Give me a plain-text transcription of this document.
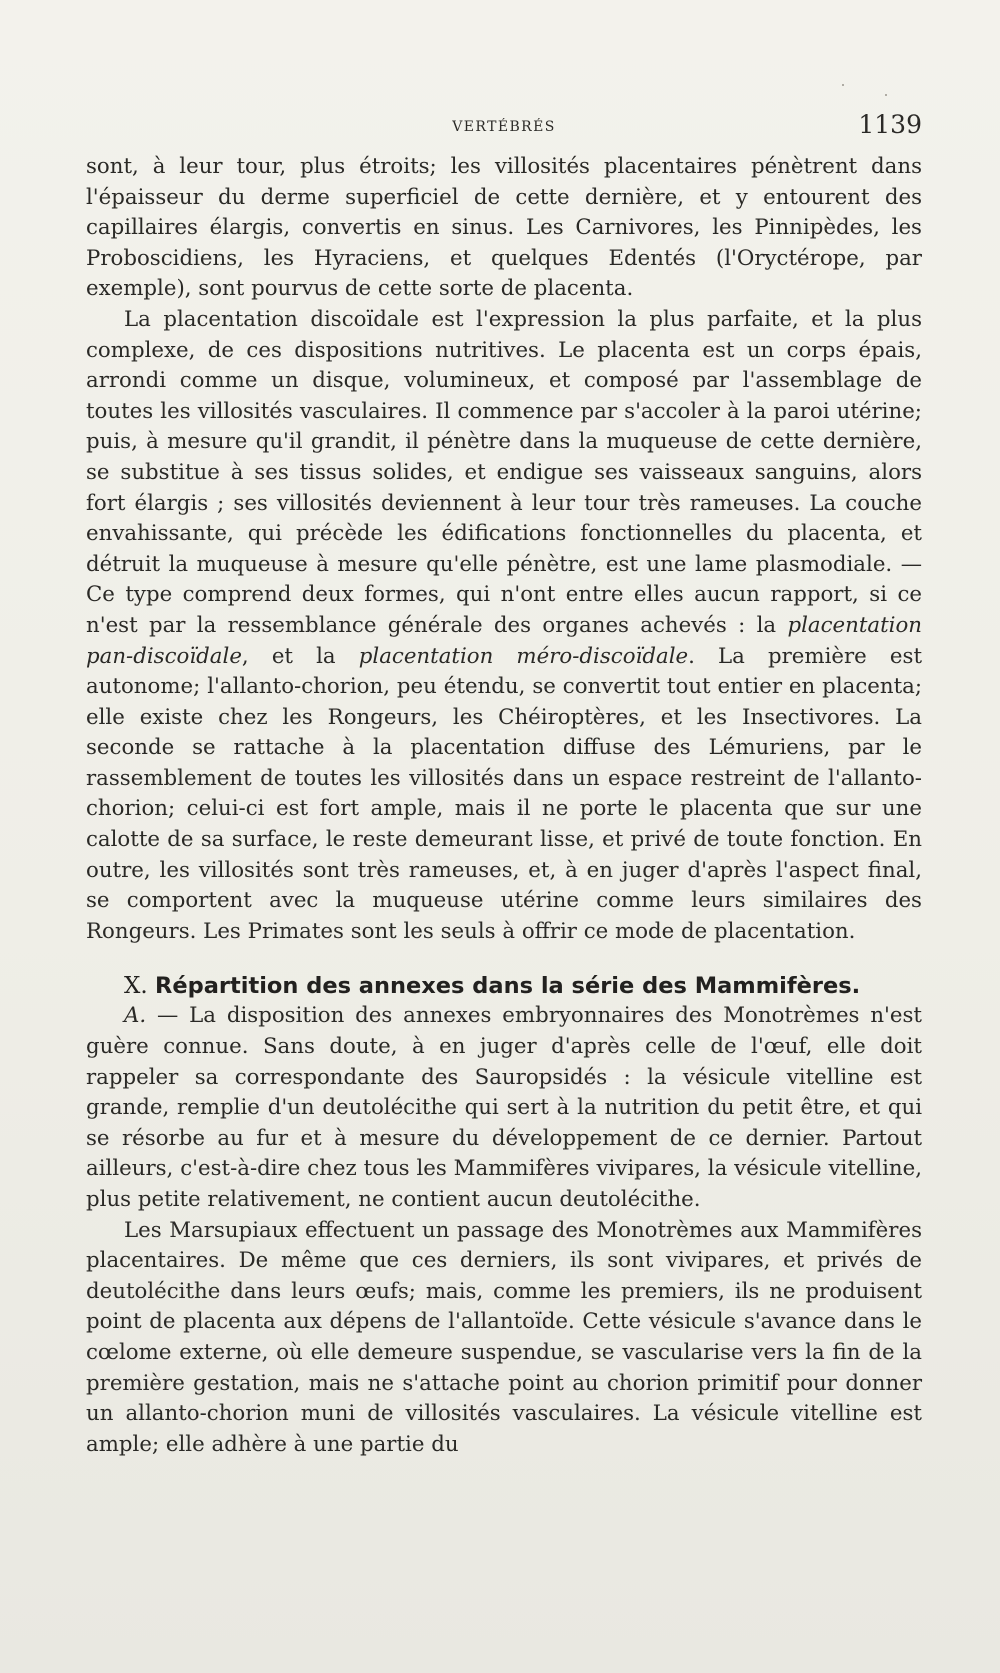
VERTÉBRÉS	1139

sont, à leur tour, plus étroits; les villosités placentaires pénètrent dans l'épaisseur du derme superficiel de cette dernière, et y entourent des capillaires élargis, convertis en sinus. Les Carnivores, les Pinnipèdes, les Proboscidiens, les Hyraciens, et quelques Edentés (l'Oryctérope, par exemple), sont pourvus de cette sorte de placenta.

La placentation discoïdale est l'expression la plus parfaite, et la plus complexe, de ces dispositions nutritives. Le placenta est un corps épais, arrondi comme un disque, volumineux, et composé par l'assemblage de toutes les villosités vasculaires. Il commence par s'accoler à la paroi utérine; puis, à mesure qu'il grandit, il pénètre dans la muqueuse de cette dernière, se substitue à ses tissus solides, et endigue ses vaisseaux sanguins, alors fort élargis ; ses villosités deviennent à leur tour très rameuses. La couche envahissante, qui précède les édifications fonctionnelles du placenta, et détruit la muqueuse à mesure qu'elle pénètre, est une lame plasmodiale. — Ce type comprend deux formes, qui n'ont entre elles aucun rapport, si ce n'est par la ressemblance générale des organes achevés : la placentation pan-discoïdale, et la placentation méro-discoïdale. La première est autonome; l'allanto-chorion, peu étendu, se convertit tout entier en placenta; elle existe chez les Rongeurs, les Chéiroptères, et les Insectivores. La seconde se rattache à la placentation diffuse des Lémuriens, par le rassemblement de toutes les villosités dans un espace restreint de l'allanto-chorion; celui-ci est fort ample, mais il ne porte le placenta que sur une calotte de sa surface, le reste demeurant lisse, et privé de toute fonction. En outre, les villosités sont très rameuses, et, à en juger d'après l'aspect final, se comportent avec la muqueuse utérine comme leurs similaires des Rongeurs. Les Primates sont les seuls à offrir ce mode de placentation.

X. Répartition des annexes dans la série des Mammifères.

A. — La disposition des annexes embryonnaires des Monotrèmes n'est guère connue. Sans doute, à en juger d'après celle de l'œuf, elle doit rappeler sa correspondante des Sauropsidés : la vésicule vitelline est grande, remplie d'un deutolécithe qui sert à la nutrition du petit être, et qui se résorbe au fur et à mesure du développement de ce dernier. Partout ailleurs, c'est-à-dire chez tous les Mammifères vivipares, la vésicule vitelline, plus petite relativement, ne contient aucun deutolécithe.

Les Marsupiaux effectuent un passage des Monotrèmes aux Mammifères placentaires. De même que ces derniers, ils sont vivipares, et privés de deutolécithe dans leurs œufs; mais, comme les premiers, ils ne produisent point de placenta aux dépens de l'allantoïde. Cette vésicule s'avance dans le cœlome externe, où elle demeure suspendue, se vascularise vers la fin de la première gestation, mais ne s'attache point au chorion primitif pour donner un allanto-chorion muni de villosités vasculaires. La vésicule vitelline est ample; elle adhère à une partie du
